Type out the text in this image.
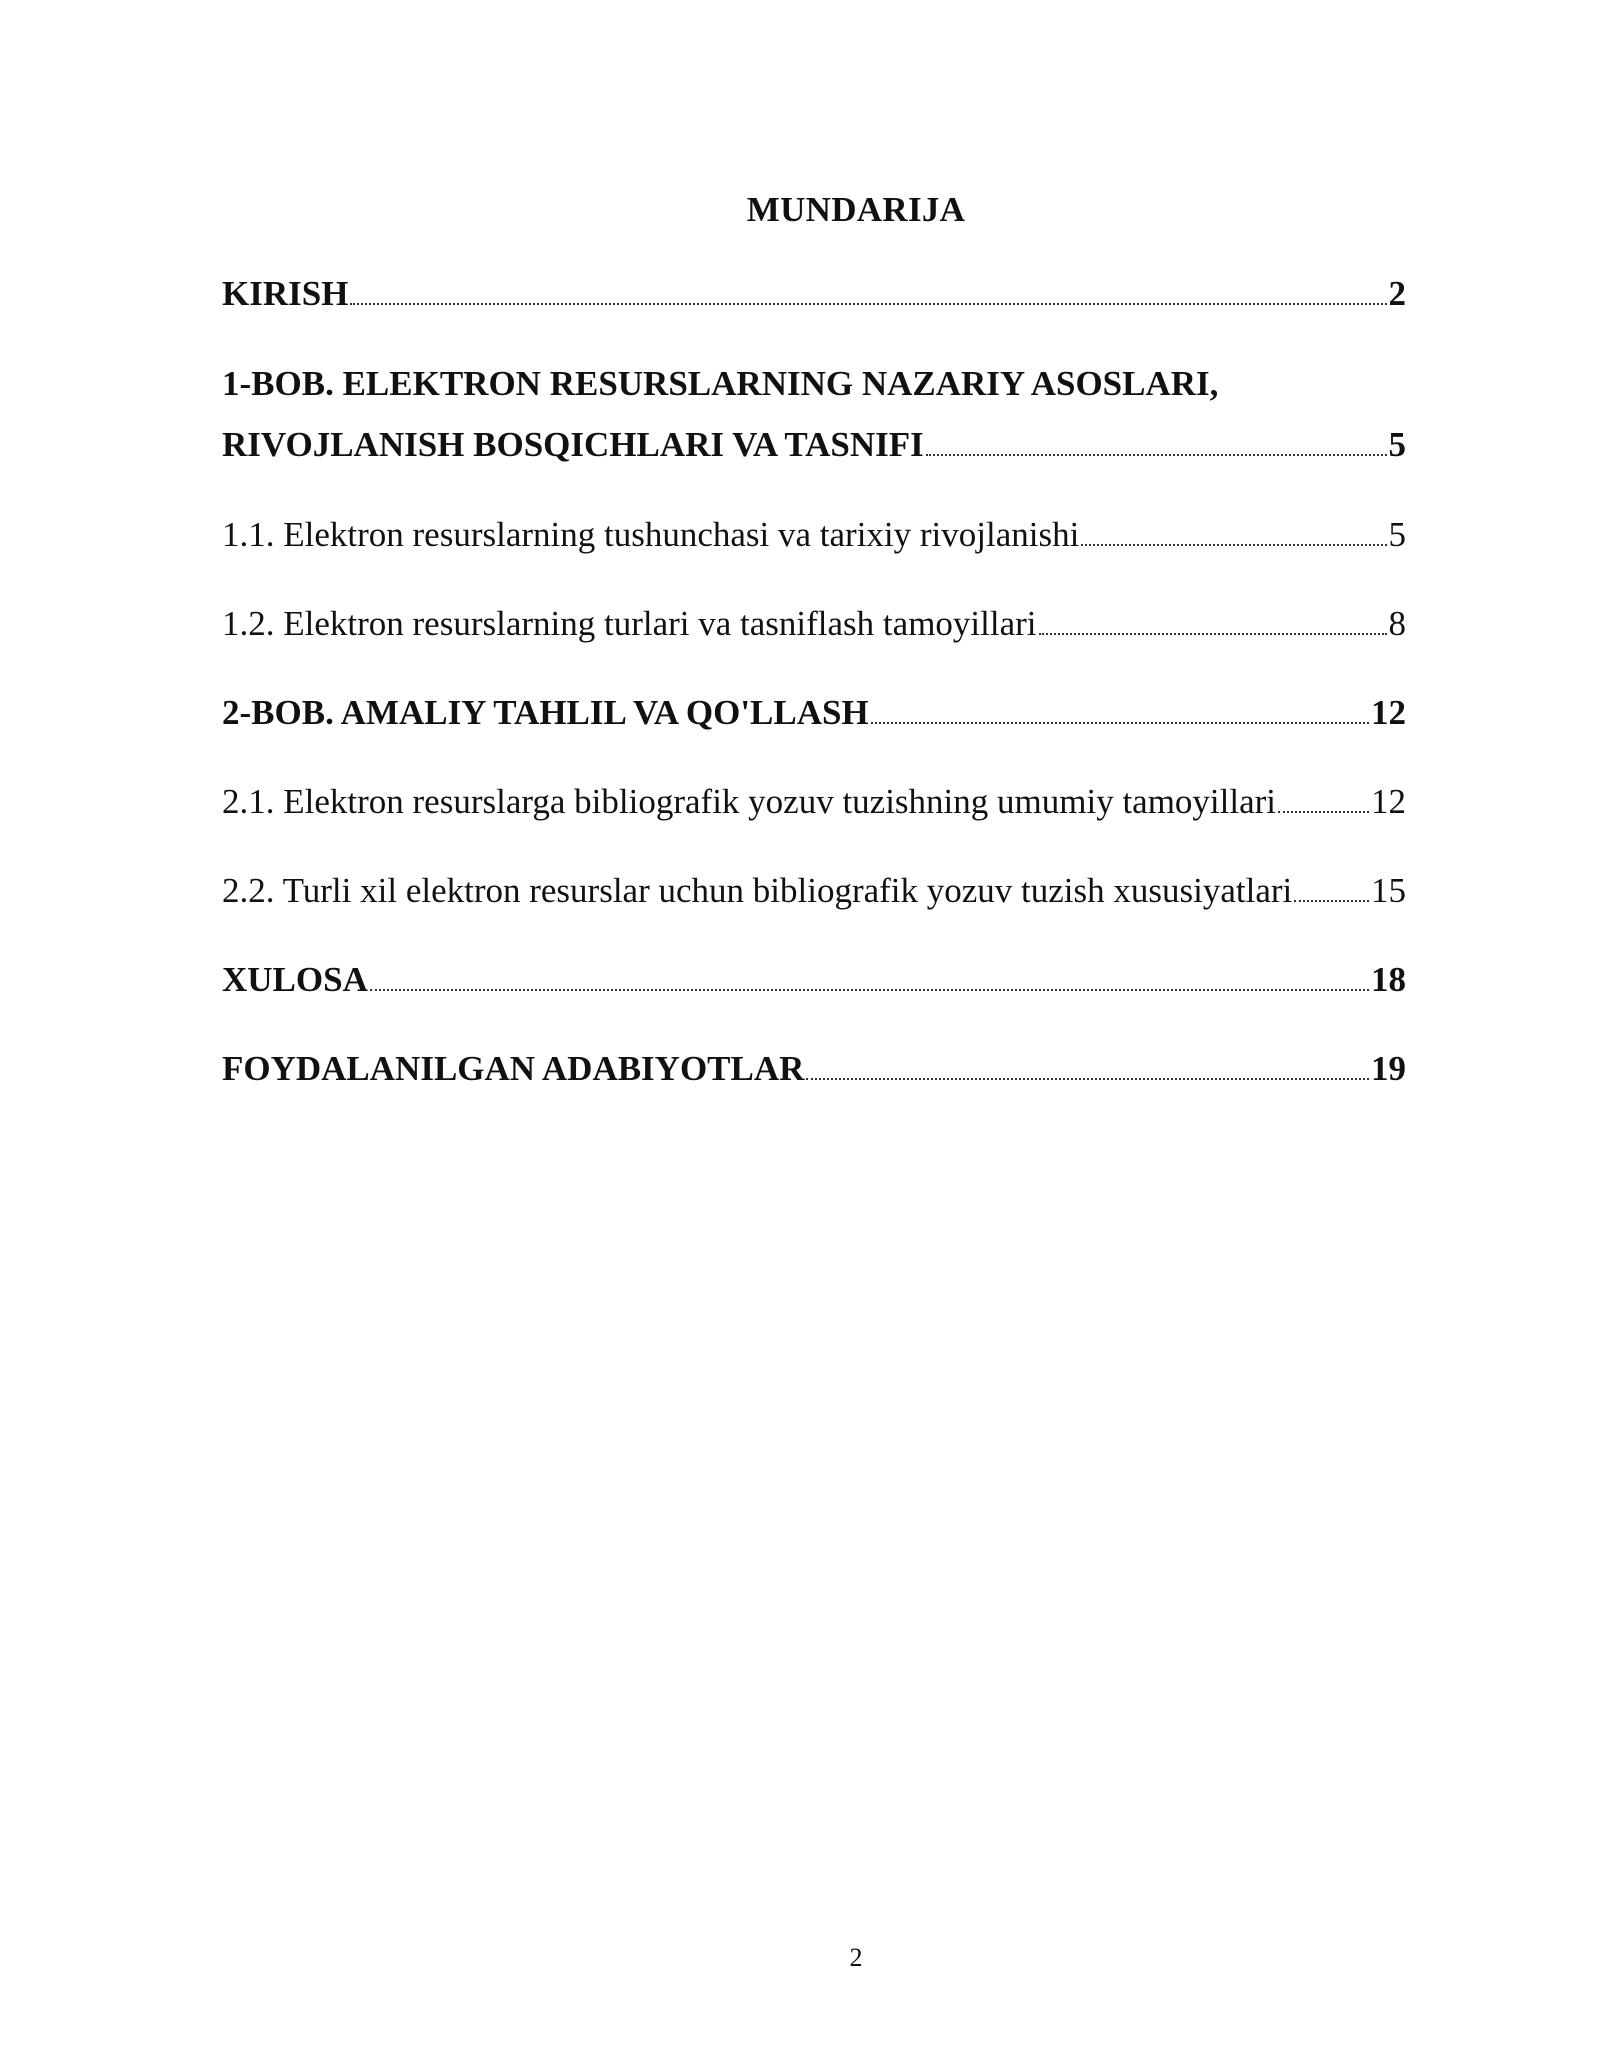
MUNDARIJA
KIRISH	2
1-BOB. ELEKTRON RESURSLARNING NAZARIY ASOSLARI,
RIVOJLANISH BOSQICHLARI VA TASNIFI	5
1.1. Elektron resurslarning tushunchasi va tarixiy rivojlanishi	5
1.2. Elektron resurslarning turlari va tasniflash tamoyillari	8
2-BOB. AMALIY TAHLIL VA QO'LLASH	12
2.1. Elektron resurslarga bibliografik yozuv tuzishning umumiy tamoyillari	12
2.2. Turli xil elektron resurslar uchun bibliografik yozuv tuzish xususiyatlari 15
XULOSA	18
FOYDALANILGAN ADABIYOTLAR	19
2
